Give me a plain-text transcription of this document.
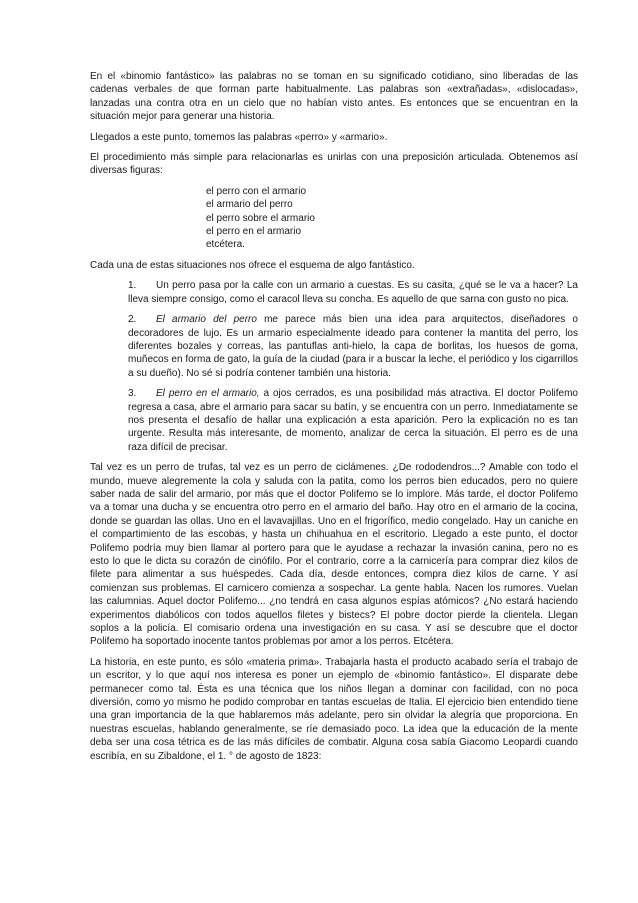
En el «binomio fantástico» las palabras no se toman en su significado cotidiano, sino liberadas de las cadenas verbales de que forman parte habitualmente. Las palabras son «extrañadas», «dislocadas», lanzadas una contra otra en un cielo que no habían visto antes. Es entonces que se encuentran en la situación mejor para generar una historia.

Llegados a este punto, tomemos las palabras «perro» y «armario».

El procedimiento más simple para relacionarlas es unirlas con una preposición articulada. Obtenemos así diversas figuras:

el perro con el armario
el armario del perro
el perro sobre el armario
el perro en el armario
etcétera.

Cada una de estas situaciones nos ofrece el esquema de algo fantástico.

1. Un perro pasa por la calle con un armario a cuestas. Es su casita, ¿qué se le va a hacer? La lleva siempre consigo, como el caracol lleva su concha. Es aquello de que sarna con gusto no pica.

2. El armario del perro me parece más bien una idea para arquitectos, diseñadores o decoradores de lujo. Es un armario especialmente ideado para contener la mantita del perro, los diferentes bozales y correas, las pantuflas anti-hielo, la capa de borlitas, los huesos de goma, muñecos en forma de gato, la guía de la ciudad (para ir a buscar la leche, el periódico y los cigarrillos a su dueño). No sé si podría contener también una historia.

3. El perro en el armario, a ojos cerrados, es una posibilidad más atractiva. El doctor Polifemo regresa a casa, abre el armario para sacar su batín, y se encuentra con un perro. Inmediatamente se nos presenta el desafío de hallar una explicación a esta aparición. Pero la explicación no es tan urgente. Resulta más interesante, de momento, analizar de cerca la situación. El perro es de una raza difícil de precisar.

Tal vez es un perro de trufas, tal vez es un perro de ciclámenes. ¿De rododendros...? Amable con todo el mundo, mueve alegremente la cola y saluda con la patita, como los perros bien educados, pero no quiere saber nada de salir del armario, por más que el doctor Polifemo se lo implore. Más tarde, el doctor Polifemo va a tomar una ducha y se encuentra otro perro en el armario del baño. Hay otro en el armario de la cocina, donde se guardan las ollas. Uno en el lavavajillas. Uno en el frigorífico, medio congelado. Hay un caniche en el compartimiento de las escobas, y hasta un chihuahua en el escritorio. Llegado a este punto, el doctor Polifemo podría muy bien llamar al portero para que le ayudase a rechazar la invasión canina, pero no es esto lo que le dicta su corazón de cinófilo. Por el contrario, corre a la carnicería para comprar diez kilos de filete para alimentar a sus huéspedes. Cada día, desde entonces, compra diez kilos de carne. Y así comienzan sus problemas. El carnicero comienza a sospechar. La gente habla. Nacen los rumores. Vuelan las calumnias. Aquel doctor Polifemo... ¿no tendrá en casa algunos espías atómicos? ¿No estará haciendo experimentos diabólicos con todos aquellos filetes y bistecs? El pobre doctor pierde la clientela. Llegan soplos a la policía. El comisario ordena una investigación en su casa. Y así se descubre que el doctor Polifemo ha soportado inocente tantos problemas por amor a los perros. Etcétera.

La historia, en este punto, es sólo «materia prima». Trabajarla hasta el producto acabado sería el trabajo de un escritor, y lo que aquí nos interesa es poner un ejemplo de «binomio fantástico». El disparate debe permanecer como tal. Ésta es una técnica que los niños llegan a dominar con facilidad, con no poca diversión, como yo mismo he podido comprobar en tantas escuelas de Italia. El ejercicio bien entendido tiene una gran importancia de la que hablaremos más adelante, pero sin olvidar la alegría que proporciona. En nuestras escuelas, hablando generalmente, se ríe demasiado poco. La idea que la educación de la mente deba ser una cosa tétrica es de las más difíciles de combatir. Alguna cosa sabía Giacomo Leopardi cuando escribía, en su Zibaldone, el 1. ° de agosto de 1823:
